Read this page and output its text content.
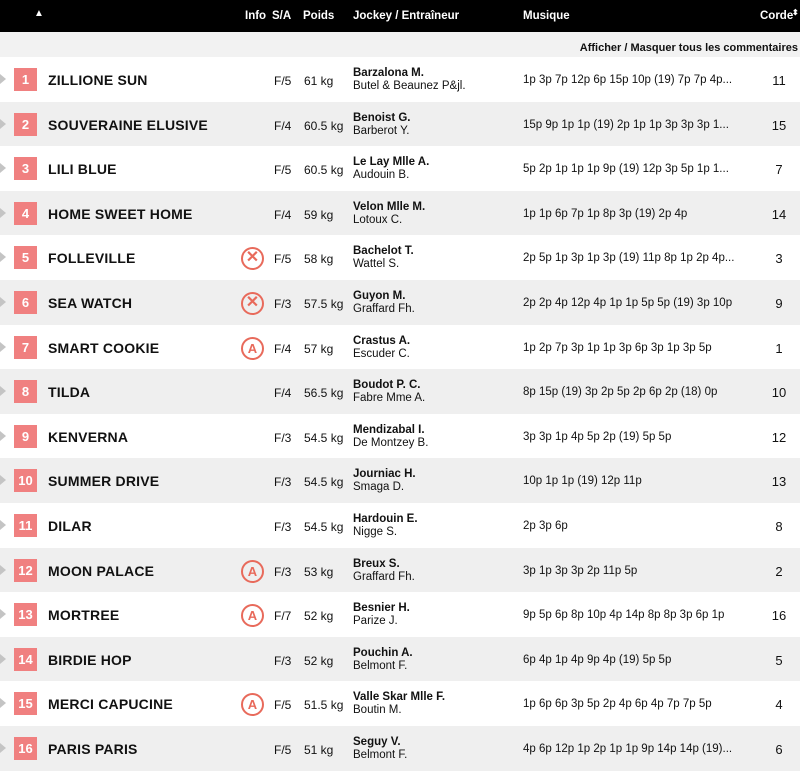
▲	Info S/A Poids Jockey / Entraîneur	Musique	Corde
⬍
Afficher / Masquer tous les commentaires
1	ZILLIONE SUN	F/5 61 kg
Barzalona M.
Butel & Beaunez P&jl.	1p 3p 7p 12p 6p 15p 10p (19) 7p 7p 4p...	11
2	SOUVERAINE ELUSIVE	F/4 60.5 kg
Benoist G.
Barberot Y.	15p 9p 1p 1p (19) 2p 1p 1p 3p 3p 3p 1...	15
3	LILI BLUE	F/5 60.5 kg
Le Lay Mlle A.
Audouin B.	5p 2p 1p 1p 1p 9p (19) 12p 3p 5p 1p 1...	7
4	HOME SWEET HOME	F/4 59 kg
Velon Mlle M.
Lotoux C.	1p 1p 6p 7p 1p 8p 3p (19) 2p 4p	14
5	FOLLEVILLE	✕	F/5 58 kg
Bachelot T.
Wattel S.	2p 5p 1p 3p 1p 3p (19) 11p 8p 1p 2p 4p...	3
6	SEA WATCH	✕	F/3 57.5 kg
Guyon M.
Graffard Fh.	2p 2p 4p 12p 4p 1p 1p 5p 5p (19) 3p 10p	9
7	SMART COOKIE	A	F/4 57 kg
Crastus A.
Escuder C.	1p 2p 7p 3p 1p 1p 3p 6p 3p 1p 3p 5p	1
8	TILDA	F/4 56.5 kg
Boudot P. C.
Fabre Mme A.	8p 15p (19) 3p 2p 5p 2p 6p 2p (18) 0p	10
9	KENVERNA	F/3 54.5 kg
Mendizabal I.
De Montzey B.	3p 3p 1p 4p 5p 2p (19) 5p 5p	12
10	SUMMER DRIVE	F/3 54.5 kg
Journiac H.
Smaga D.	10p 1p 1p (19) 12p 11p	13
11	DILAR	F/3 54.5 kg
Hardouin E.
Nigge S.	2p 3p 6p	8
12	MOON PALACE	A	F/3 53 kg
Breux S.
Graffard Fh.	3p 1p 3p 3p 2p 11p 5p	2
13	MORTREE	A	F/7 52 kg
Besnier H.
Parize J.	9p 5p 6p 8p 10p 4p 14p 8p 8p 3p 6p 1p	16
14	BIRDIE HOP	F/3 52 kg
Pouchin A.
Belmont F.	6p 4p 1p 4p 9p 4p (19) 5p 5p	5
15	MERCI CAPUCINE	A	F/5 51.5 kg
Valle Skar Mlle F.
Boutin M.	1p 6p 6p 3p 5p 2p 4p 6p 4p 7p 7p 5p	4
16	PARIS PARIS	F/5 51 kg
Seguy V.
Belmont F.	4p 6p 12p 1p 2p 1p 1p 9p 14p 14p (19)...	6
